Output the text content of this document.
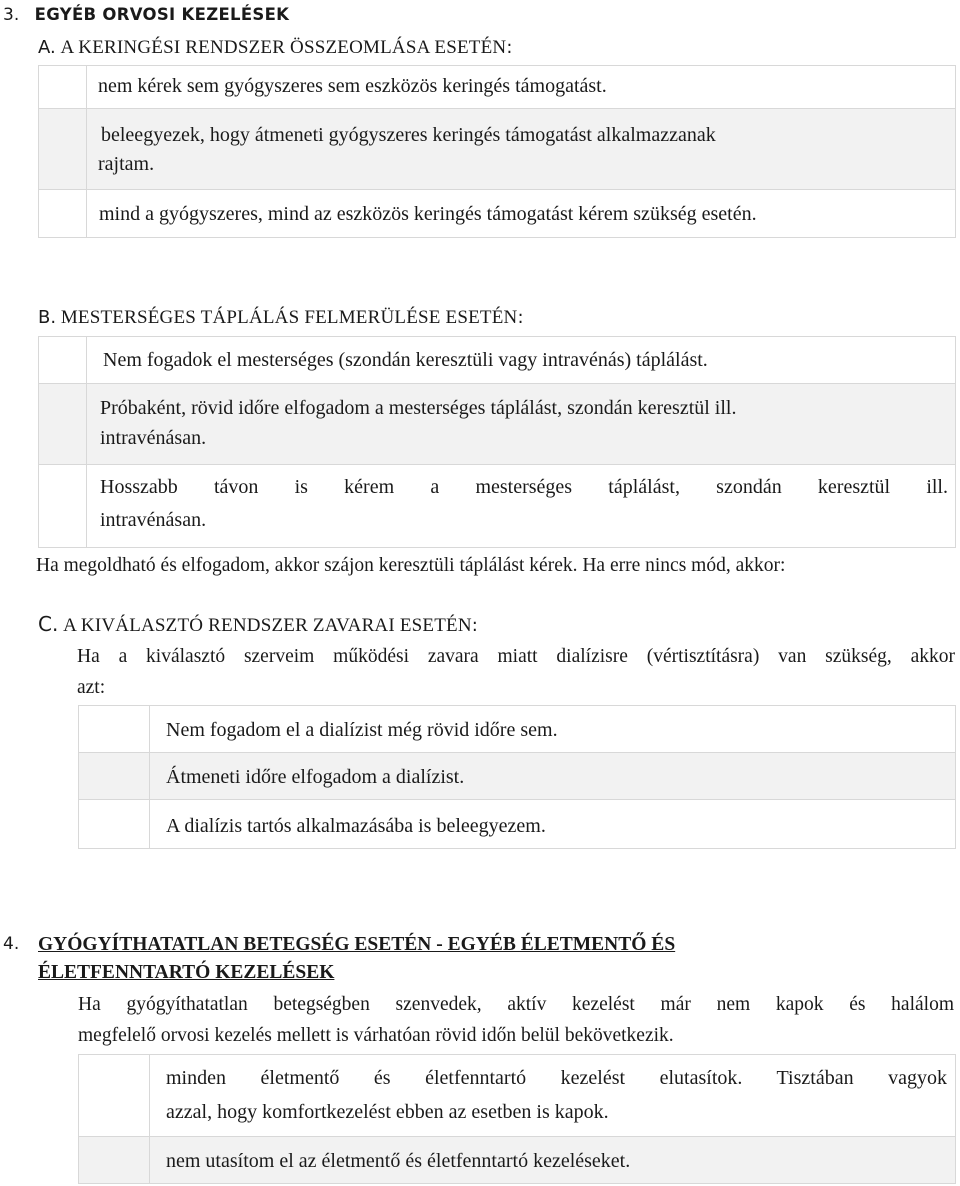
3. EGYÉB ORVOSI KEZELÉSEK
A. A KERINGÉSI RENDSZER ÖSSZEOMLÁSA ESETÉN:
nem kérek sem gyógyszeres sem eszközös keringés támogatást.
beleegyezek, hogy átmeneti gyógyszeres keringés támogatást alkalmazzanak
rajtam.
mind a gyógyszeres, mind az eszközös keringés támogatást kérem szükség esetén.
B. MESTERSÉGES TÁPLÁLÁS FELMERÜLÉSE ESETÉN:
Nem fogadok el mesterséges (szondán keresztüli vagy intravénás) táplálást.
Próbaként, rövid időre elfogadom a mesterséges táplálást, szondán keresztül ill.
intravénásan.
Hosszabb távon is kérem a mesterséges táplálást, szondán keresztül ill.
intravénásan.
Ha megoldható és elfogadom, akkor szájon keresztüli táplálást kérek. Ha erre nincs mód, akkor:
C. A KIVÁLASZTÓ RENDSZER ZAVARAI ESETÉN:
Ha a kiválasztó szerveim működési zavara miatt dialízisre (vértisztításra) van szükség, akkor
azt:
Nem fogadom el a dialízist még rövid időre sem.
Átmeneti időre elfogadom a dialízist.
A dialízis tartós alkalmazásába is beleegyezem.
4. GYÓGYÍTHATATLAN BETEGSÉG ESETÉN - EGYÉB ÉLETMENTŐ ÉS
ÉLETFENNTARTÓ KEZELÉSEK
Ha gyógyíthatatlan betegségben szenvedek, aktív kezelést már nem kapok és halálom
megfelelő orvosi kezelés mellett is várhatóan rövid időn belül bekövetkezik.
minden életmentő és életfenntartó kezelést elutasítok. Tisztában vagyok
azzal, hogy komfortkezelést ebben az esetben is kapok.
nem utasítom el az életmentő és életfenntartó kezeléseket.
